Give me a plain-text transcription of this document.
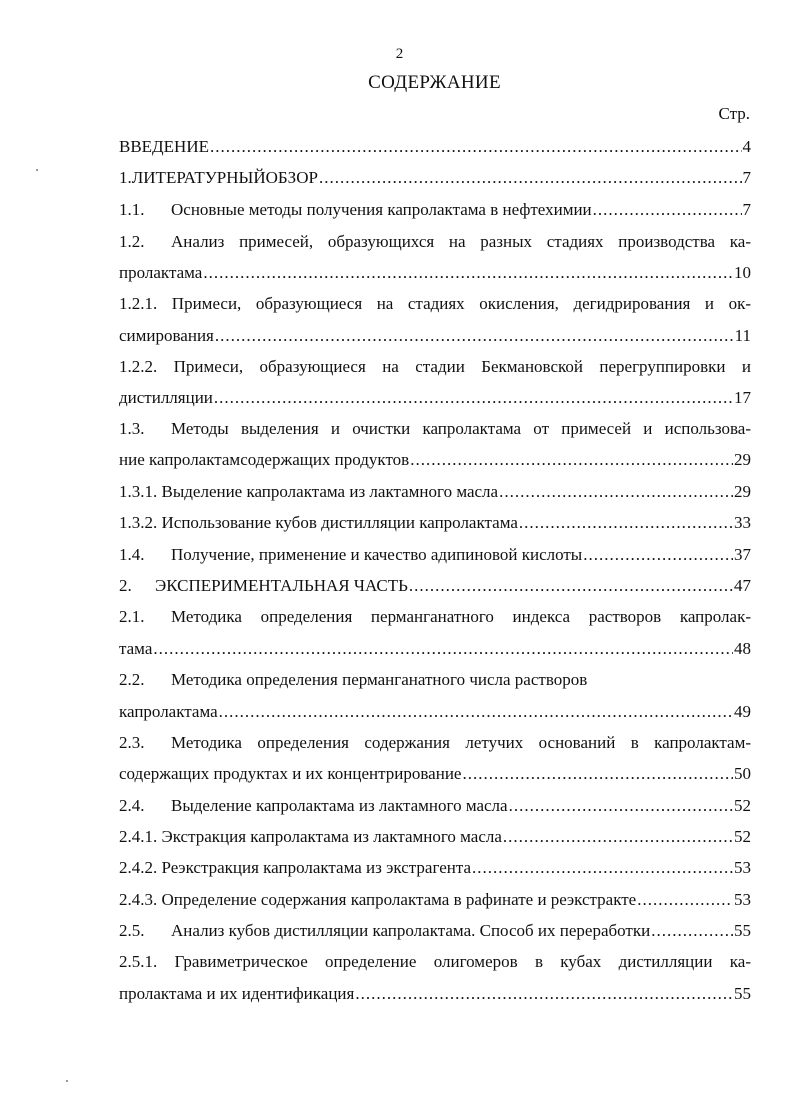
2
СОДЕРЖАНИЕ
Стр.
ВВЕДЕНИЕ .....	4
1.ЛИТЕРАТУРНЫЙОБЗОР .....	7
1.1. Основные методы получения капролактама в нефтехимии .....	7
1.2. Анализ примесей, образующихся на разных стадиях производства ка-
пролактама .....	10
1.2.1. Примеси, образующиеся на стадиях окисления, дегидрирования и ок-
симирования .....	11
1.2.2. Примеси, образующиеся на стадии Бекмановской перегруппировки и
дистилляции .....	17
1.3. Методы выделения и очистки капролактама от примесей и использова-
ние капролактамсодержащих продуктов .....	29
1.3.1. Выделение капролактама из лактамного масла .....	29
1.3.2. Использование кубов дистилляции капролактама .....	33
1.4. Получение, применение и качество адипиновой кислоты .....	37
2. ЭКСПЕРИМЕНТАЛЬНАЯ ЧАСТЬ .....	47
2.1. Методика определения перманганатного индекса растворов капролак-
тама .....	48
2.2. Методика определения перманганатного числа растворов
капролактама .....	49
2.3. Методика определения содержания летучих оснований в капролактам-
содержащих продуктах и их концентрирование .....	50
2.4. Выделение капролактама из лактамного масла .....	52
2.4.1. Экстракция капролактама из лактамного масла .....	52
2.4.2. Реэкстракция капролактама из экстрагента .....	53
2.4.3. Определение содержания капролактама в рафинате и реэкстракте .....	53
2.5. Анализ кубов дистилляции капролактама. Способ их переработки .....	55
2.5.1. Гравиметрическое определение олигомеров в кубах дистилляции ка-
пролактама и их идентификация .....	55
